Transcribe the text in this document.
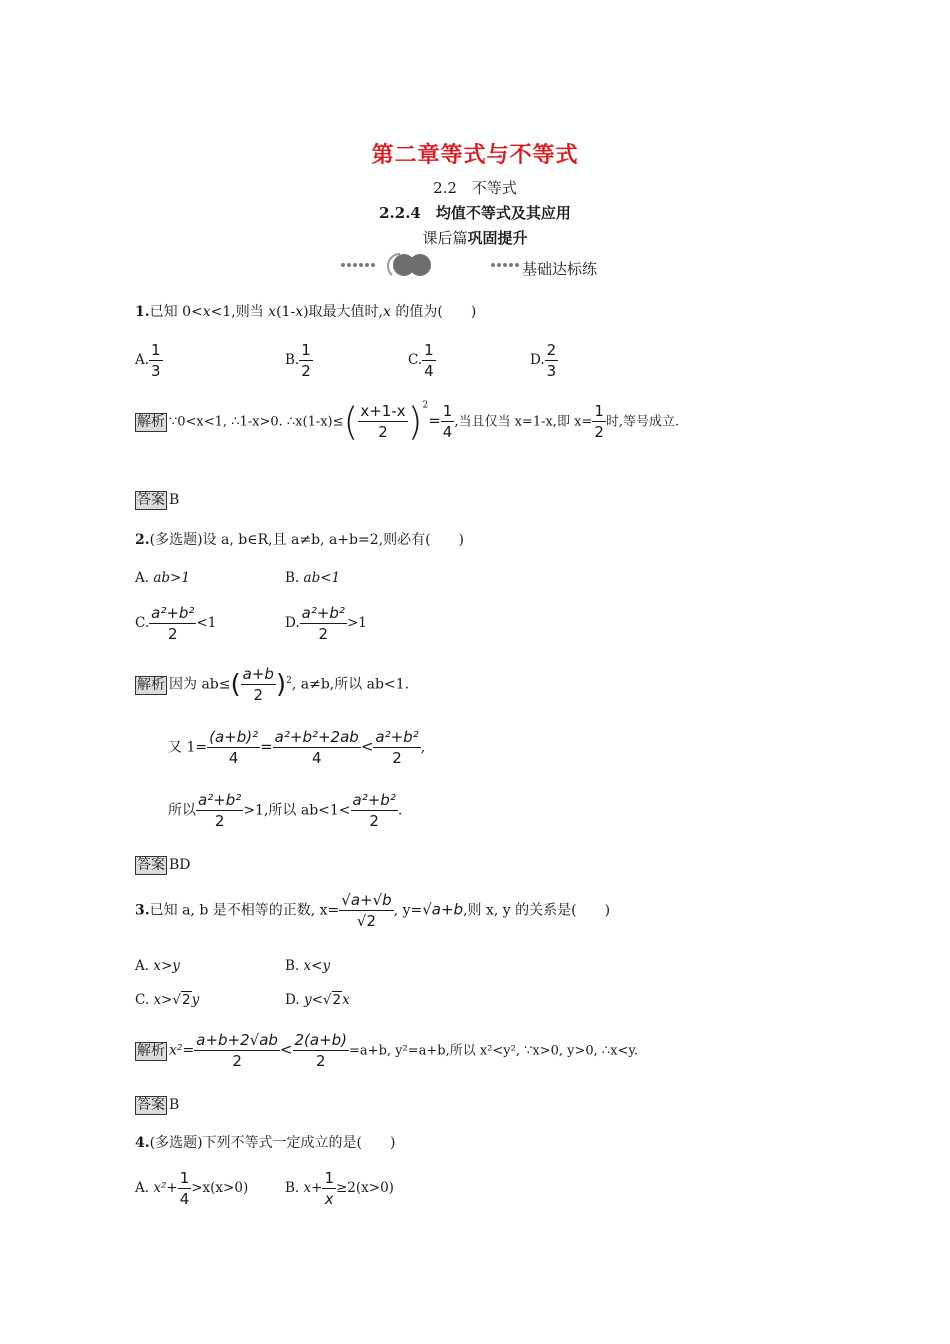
第二章等式与不等式
2.2　不等式
2.2.4　均值不等式及其应用
课后篇巩固提升
基础达标练
1.已知 0<x<1,则当 x(1-x)取最大值时,x 的值为(　　)
A. $\frac{1}{3}$	B. $\frac{1}{2}$	C. $\frac{1}{4}$	D. $\frac{2}{3}$
解析 ∵0<x<1, ∴1-x>0. ∴x(1-x)≤( $\frac{x+1-x}{2} )^2= \frac{1}{4}$ ,当且仅当 x=1-x,即 $x= \frac{1}{2}$ 时,等号成立.
答案 B
2.(多选题)设 a, b∈R,且 a≠b, a+b=2,则必有(　　)
A. ab>1	B. ab<1
C. $\frac{\text{a²+b²}}{2} <1$	D. $\frac{\text{a²+b²}}{2} >1$
解析 因为 $ab\le( \frac{a+b}{2} )^2$, a≠b,所以 ab<1.
又 $1= \frac{\text{(a+b)²}}{4} = \frac{\text{a²+b²+2ab}}{4} < \frac{\text{a²+b²}}{2}$ ,
所以 $\frac{\text{a²+b²}}{2} >1$,所以 $ab<1< \frac{\text{a²+b²}}{2}$ .
答案 BD
3.已知 a, b 是不相等的正数, $x= \frac{√a+√b}{√2}$ , y=√a+b,则 x, y 的关系是(　　)
A. x>y	B. x<y
C. x>√2y	D. y<√2x
解析 $x^2= \frac{a+b+2√ab}{2} < \frac{2(a+b)}{2} =a+b$, y²=a+b,所以 x²<y², ∵x>0, y>0, ∴x<y.
答案 B
4.(多选题)下列不等式一定成立的是(　　)
A. $x^2+ \frac{1}{4} >x(x>0)$	B. $x+ \frac{1}{x} \ge 2(x>0)$
